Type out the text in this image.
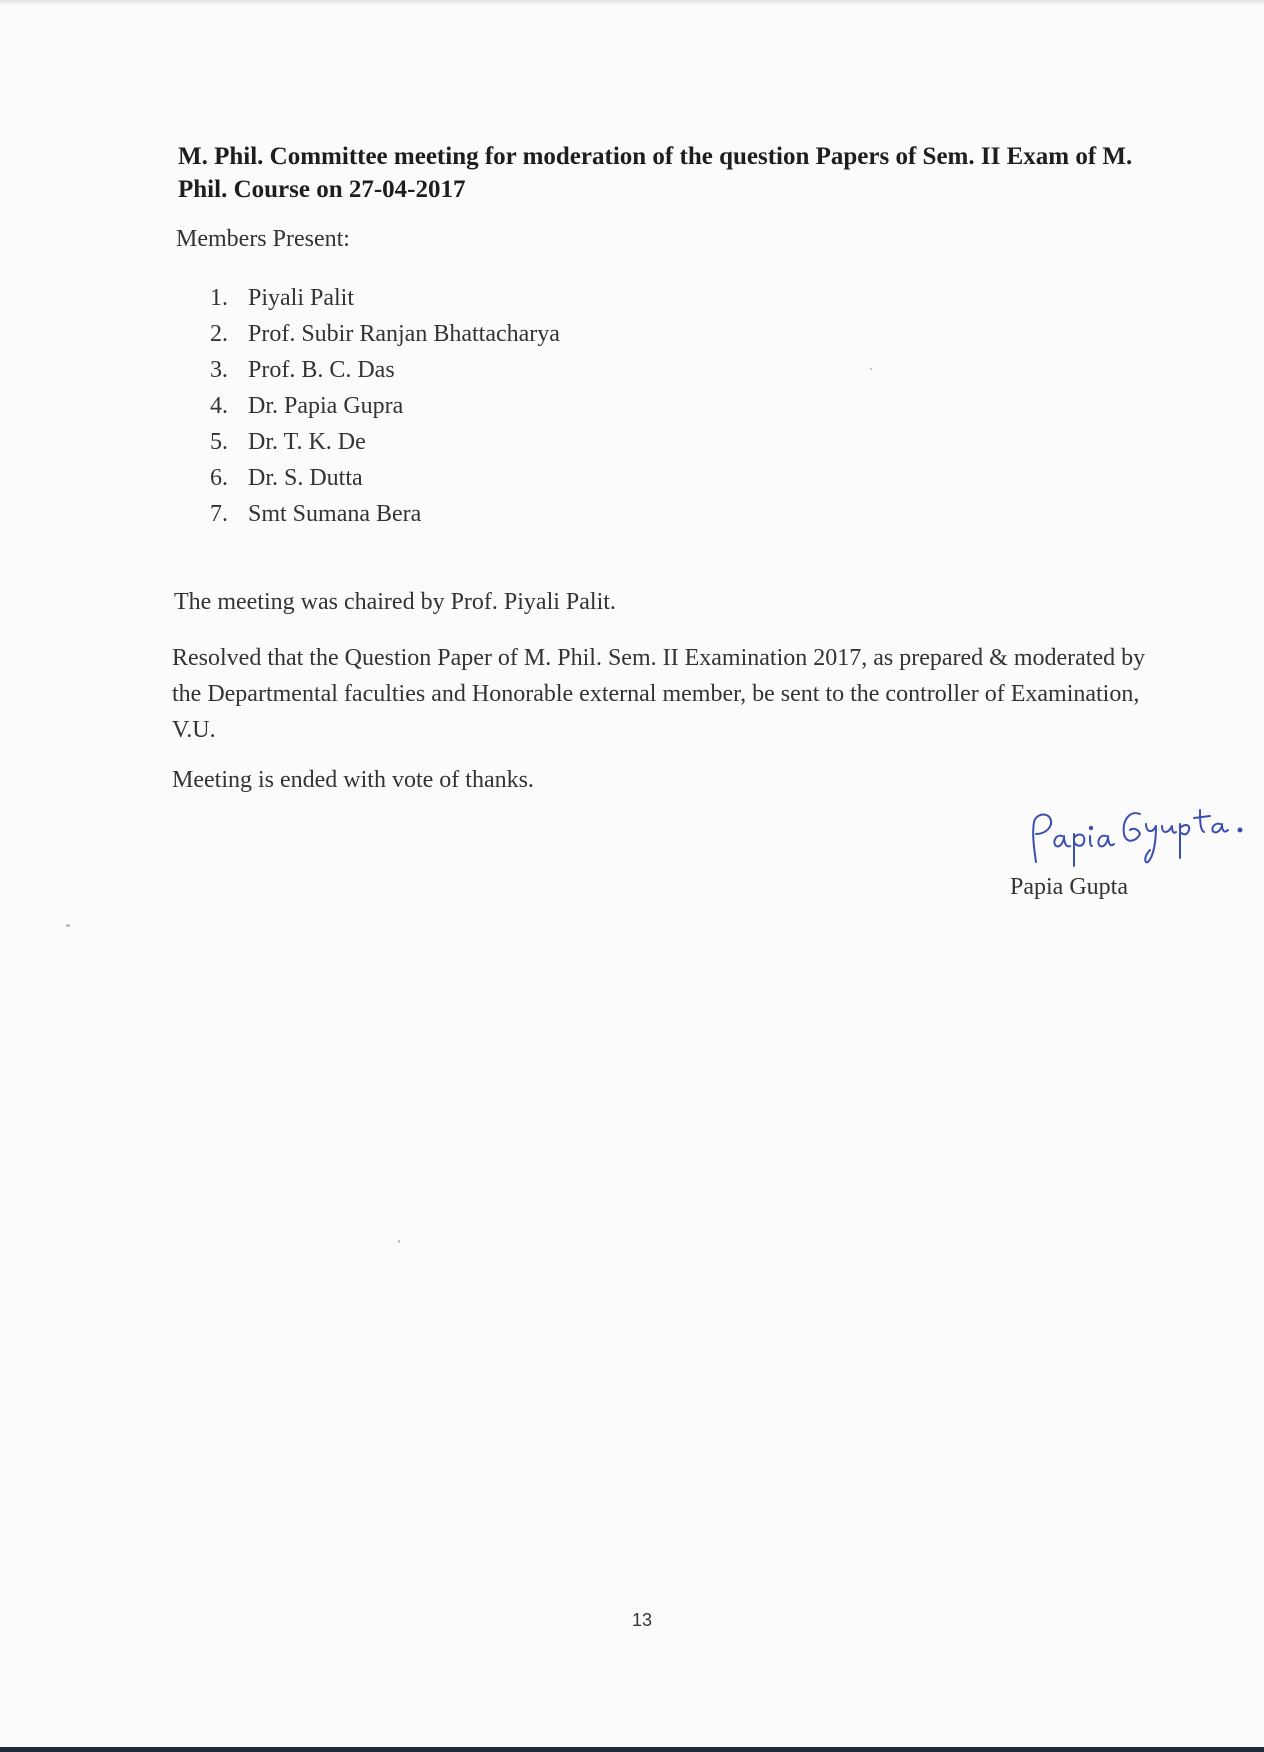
M. Phil. Committee meeting for moderation of the question Papers of Sem. II Exam of M. Phil. Course on 27-04-2017
Members Present:
1. Piyali Palit
2. Prof. Subir Ranjan Bhattacharya
3. Prof. B. C. Das
4. Dr. Papia Gupra
5. Dr. T. K. De
6. Dr. S. Dutta
7. Smt Sumana Bera
The meeting was chaired by Prof. Piyali Palit.
Resolved that the Question Paper of M. Phil. Sem. II Examination 2017, as prepared & moderated by the Departmental faculties and Honorable external member, be sent to the controller of Examination, V.U.
Meeting is ended with vote of thanks.
Papia Gupta
13
